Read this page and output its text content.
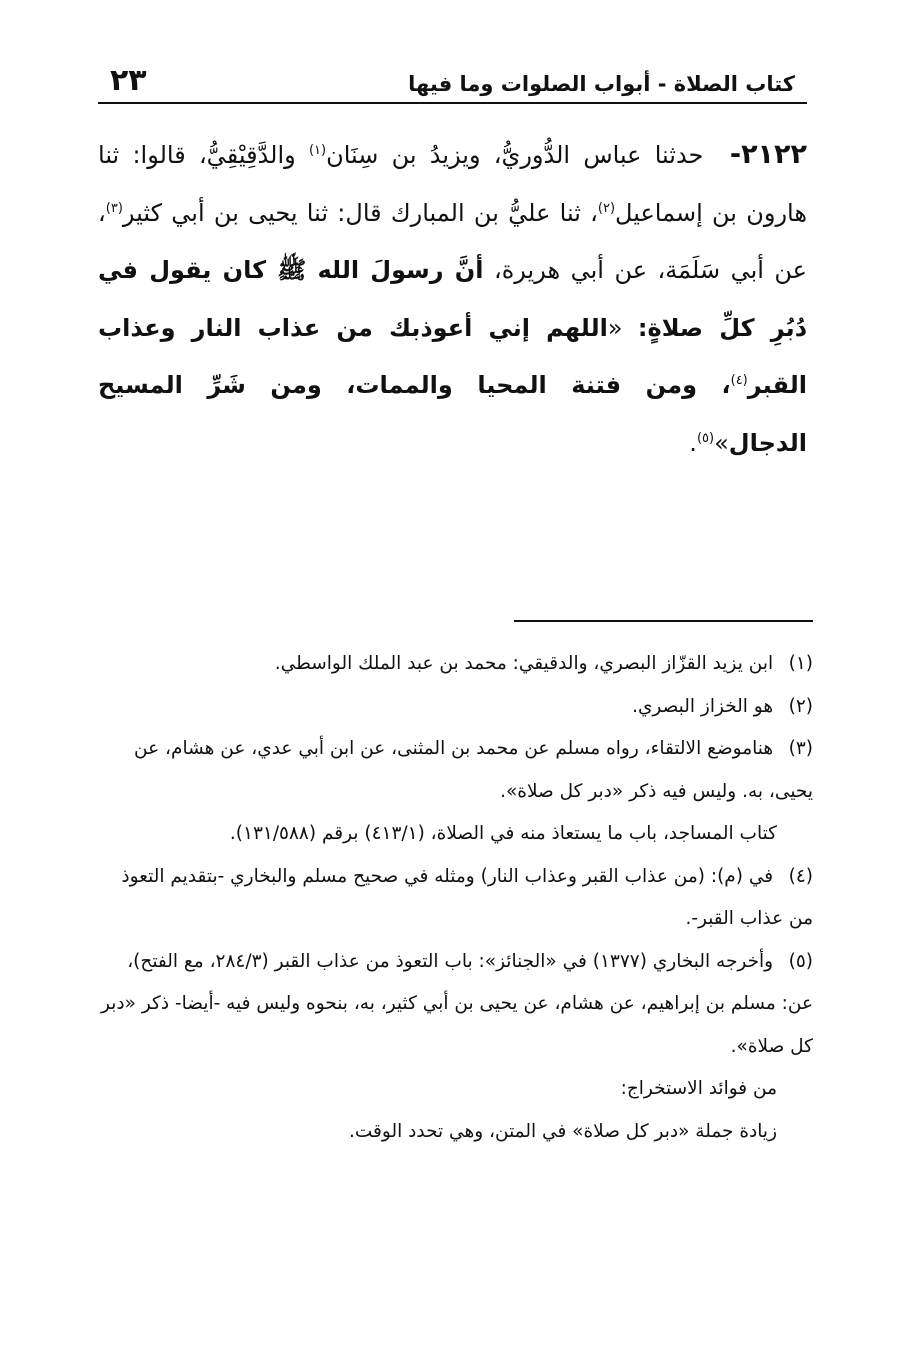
٢٣	كتاب الصلاة - أبواب الصلوات وما فيها
٢١٢٢-  حدثنا عباس الدُّوريُّ، ويزيدُ بن سِنَان$^{(١)}$ والدَّقِيْقِيُّ، قالوا: ثنا هارون بن إسماعيل$^{(٢)}$، ثنا عليُّ بن المبارك قال: ثنا يحيى بن أبي كثير$^{(٣)}$، عن أبي سَلَمَة، عن أبي هريرة، أنَّ رسولَ الله ﷺ كان يقول في دُبُرِ كلِّ صلاةٍ: «اللهم إني أعوذبك من عذاب النار وعذاب القبر$^{(٤)}$، ومن فتنة المحيا والممات، ومن شَرِّ المسيح الدجال»$^{(٥)}$.

(١) ابن يزيد القزّاز البصري، والدقيقي: محمد بن عبد الملك الواسطي.

(٢) هو الخزاز البصري.

(٣) هناموضع الالتقاء، رواه مسلم عن محمد بن المثنى، عن ابن أبي عدي، عن هشام، عن يحيى، به. وليس فيه ذكر «دبر كل صلاة».

كتاب المساجد، باب ما يستعاذ منه في الصلاة، (٤١٣/١) برقم (١٣١/٥٨٨).

(٤) في (م): (من عذاب القبر وعذاب النار) ومثله في صحيح مسلم والبخاري -بتقديم التعوذ من عذاب القبر-.

(٥) وأخرجه البخاري (١٣٧٧) في «الجنائز»: باب التعوذ من عذاب القبر (٢٨٤/٣، مع الفتح)، عن: مسلم بن إبراهيم، عن هشام، عن يحيى بن أبي كثير، به، بنحوه وليس فيه -أيضا- ذكر «دبر كل صلاة».

من فوائد الاستخراج:

زيادة جملة «دبر كل صلاة» في المتن، وهي تحدد الوقت.
